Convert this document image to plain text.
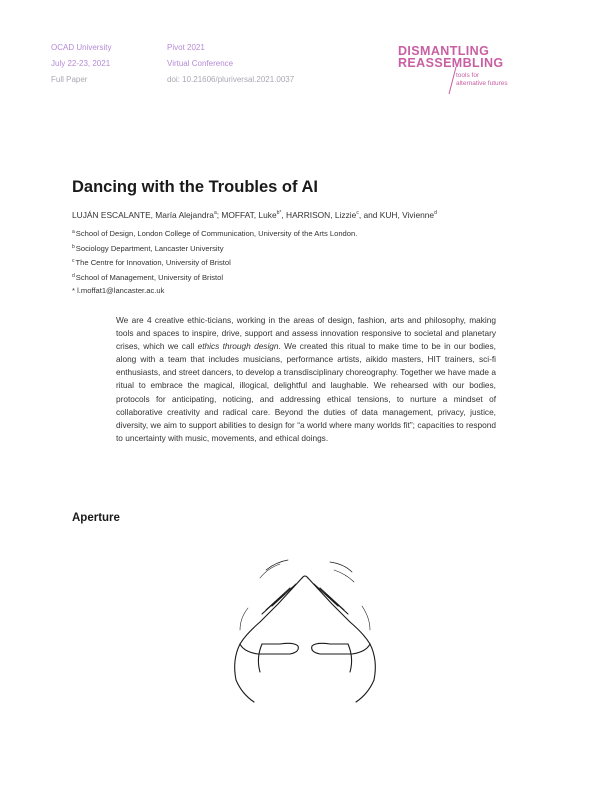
OCAD University
July 22-23, 2021
Full Paper
Pivot 2021
Virtual Conference
doi: 10.21606/pluriversal.2021.0037
DISMANTLING
REASSEMBLING
tools for
alternative futures
Dancing with the Troubles of AI
LUJÁN ESCALANTE, María Alejandra$^a$; MOFFAT, Luke$^{b*}$, HARRISON, Lizzie$^c$, and KUH, Vivienne$^d$
$^a$School of Design, London College of Communication, University of the Arts London.
$^b$Sociology Department, Lancaster University
$^c$The Centre for Innovation, University of Bristol
$^d$School of Management, University of Bristol
* l.moffat1@lancaster.ac.uk
We are 4 creative ethic-ticians, working in the areas of design, fashion, arts and philosophy, making tools and spaces to inspire, drive, support and assess innovation responsive to societal and planetary crises, which we call ethics through design. We created this ritual to make time to be in our bodies, along with a team that includes musicians, performance artists, aikido masters, HIT trainers, sci-fi enthusiasts, and street dancers, to develop a transdisciplinary choreography. Together we have made a ritual to embrace the magical, illogical, delightful and laughable. We rehearsed with our bodies, protocols for anticipating, noticing, and addressing ethical tensions, to nurture a mindset of collaborative creativity and radical care. Beyond the duties of data management, privacy, justice, diversity, we aim to support abilities to design for “a world where many worlds fit”; capacities to respond to uncertainty with music, movements, and ethical doings.
Aperture
